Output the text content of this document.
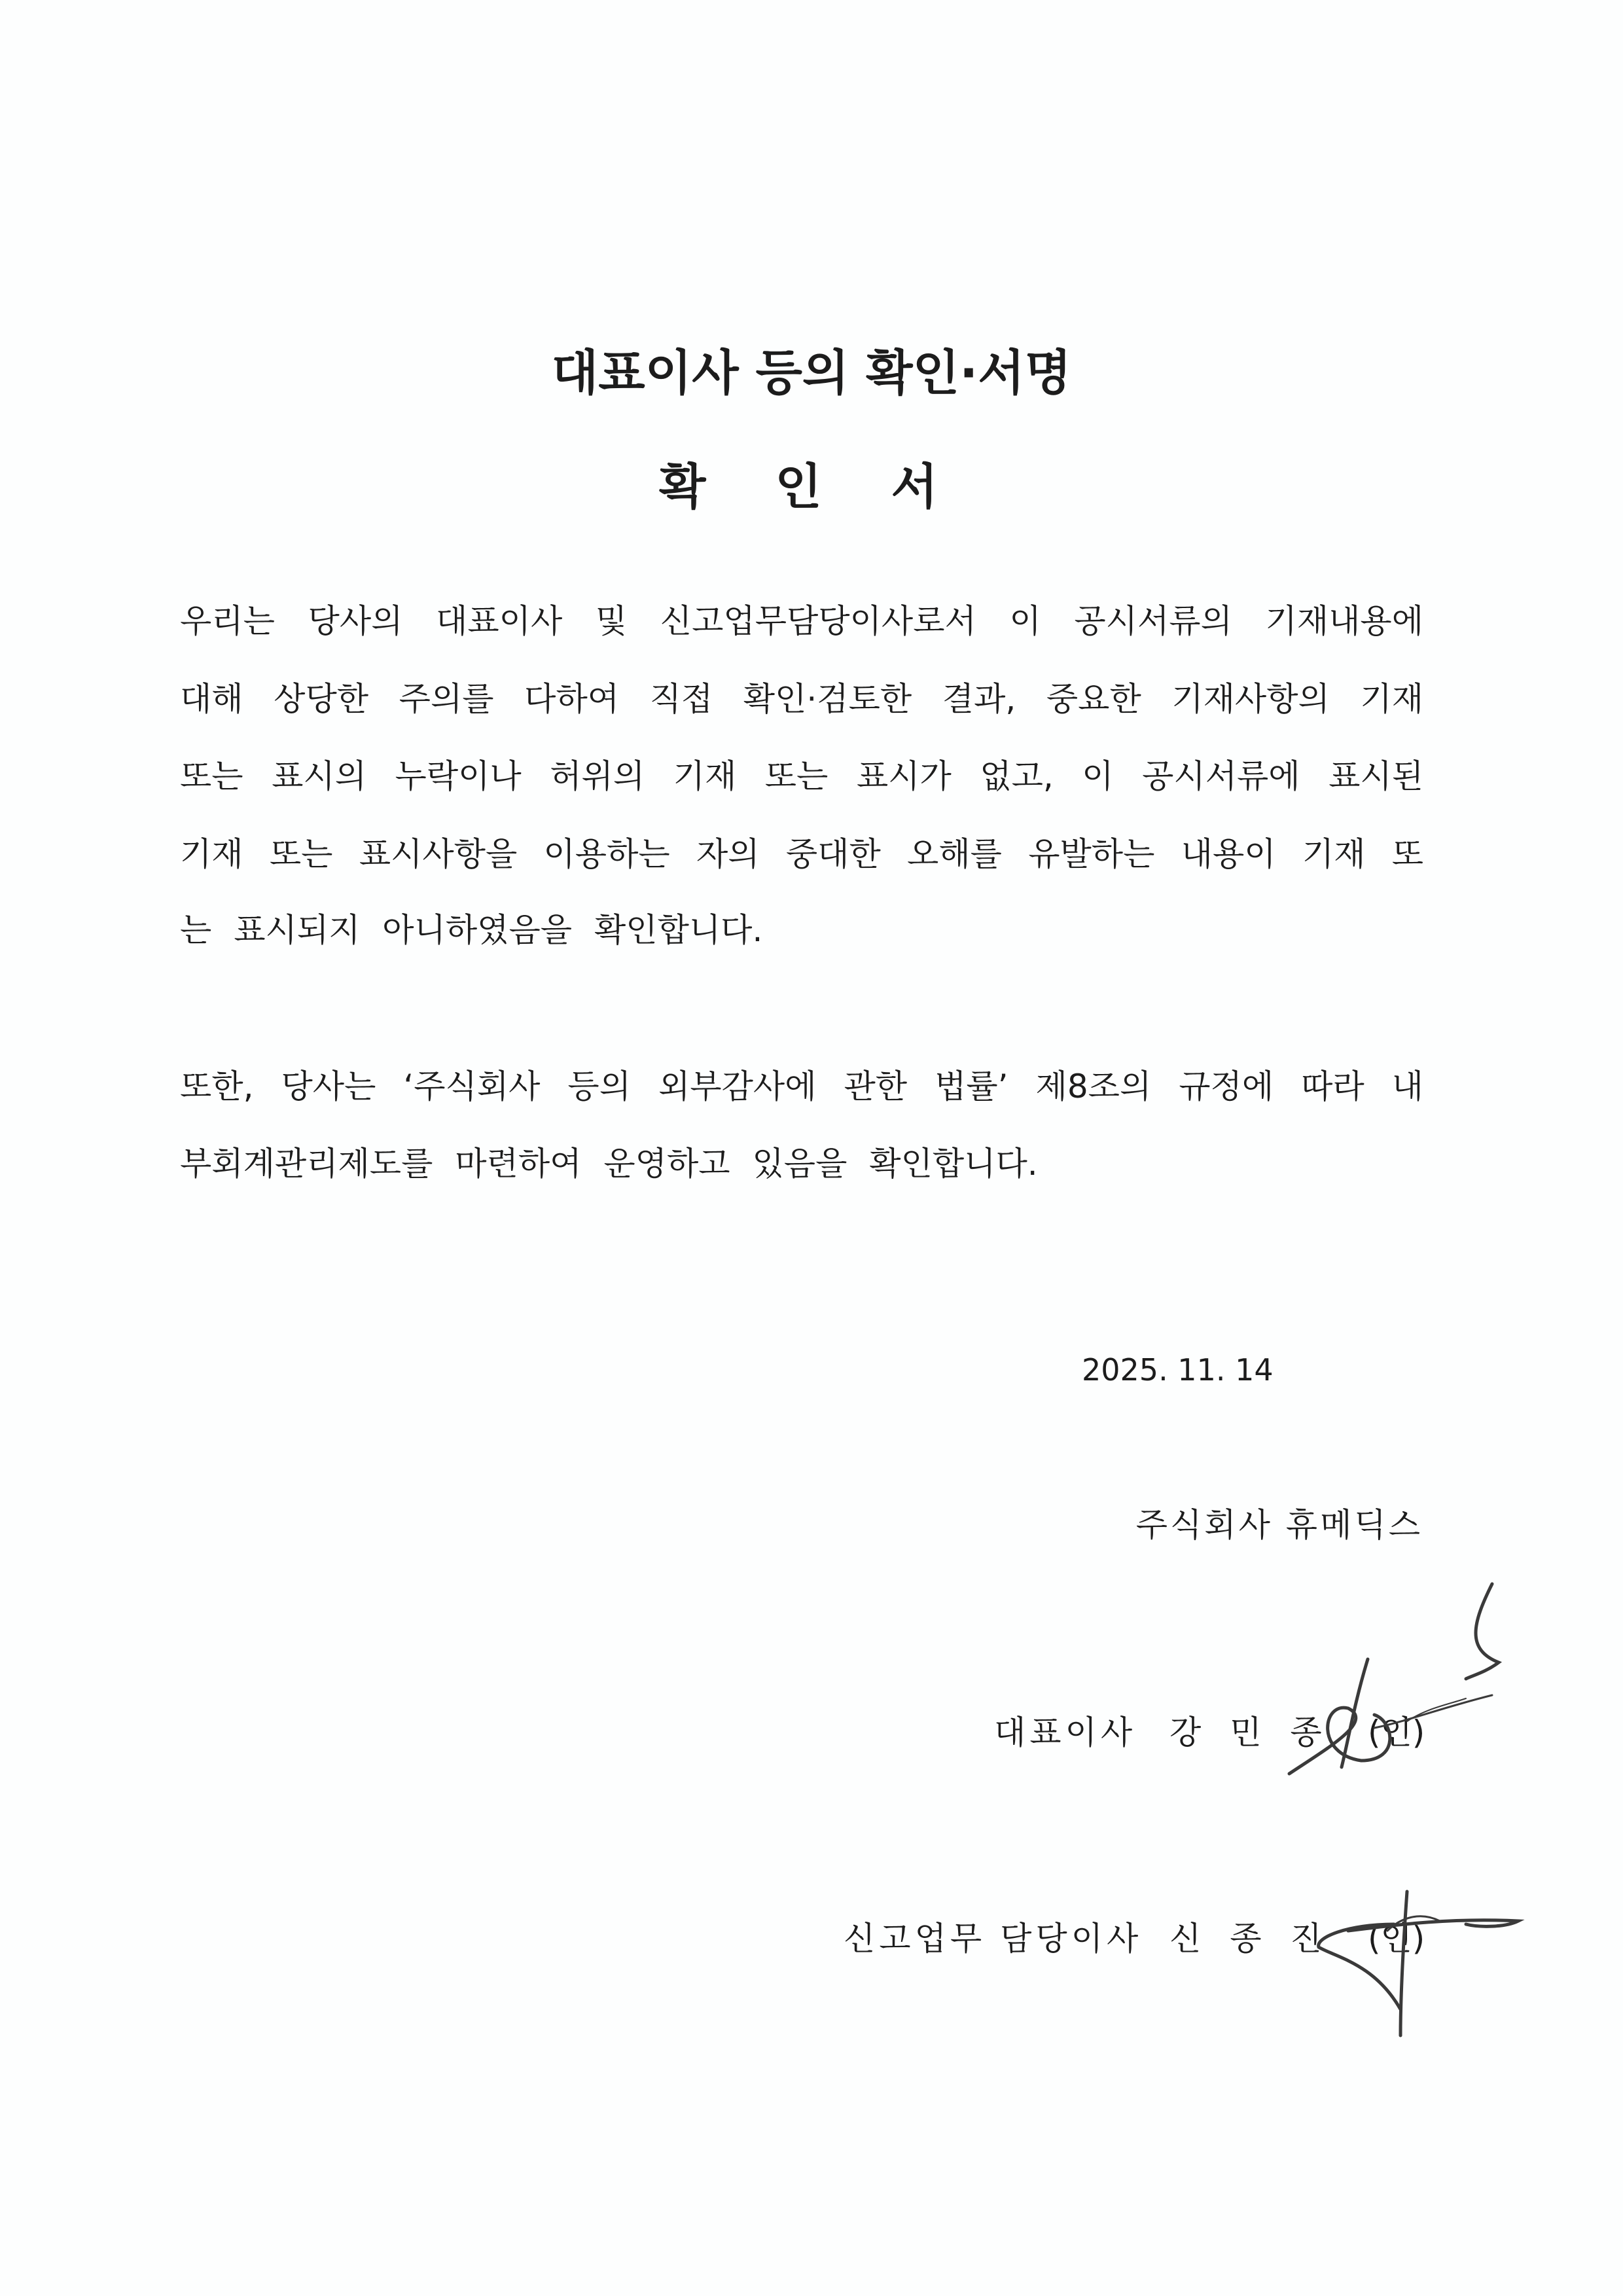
대표이사 등의 확인·서명
확 인 서
우리는 당사의 대표이사 및 신고업무담당이사로서 이 공시서류의 기재내용에
대해 상당한 주의를 다하여 직접 확인·검토한 결과, 중요한 기재사항의 기재
또는 표시의 누락이나 허위의 기재 또는 표시가 없고, 이 공시서류에 표시된
기재 또는 표시사항을 이용하는 자의 중대한 오해를 유발하는 내용이 기재 또
는 표시되지 아니하였음을 확인합니다.
또한, 당사는 ‘주식회사 등의 외부감사에 관한 법률’ 제8조의 규정에 따라 내
부회계관리제도를 마련하여 운영하고 있음을 확인합니다.
2025. 11. 14
주식회사 휴메딕스
대표이사 강 민 종 (인)
신고업무 담당이사 신 종 진 (인)
